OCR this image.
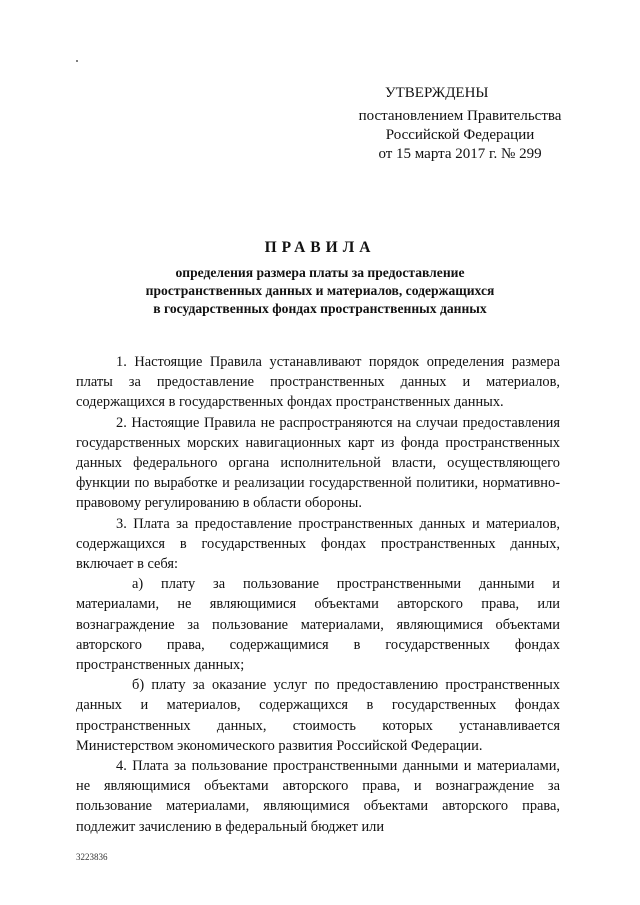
УТВЕРЖДЕНЫ
постановлением Правительства
Российской Федерации
от 15 марта 2017 г. № 299
ПРАВИЛА
определения размера платы за предоставление
пространственных данных и материалов, содержащихся
в государственных фондах пространственных данных
1. Настоящие Правила устанавливают порядок определения размера платы за предоставление пространственных данных и материалов, содержащихся в государственных фондах пространственных данных.
2. Настоящие Правила не распространяются на случаи предоставления государственных морских навигационных карт из фонда пространственных данных федерального органа исполнительной власти, осуществляющего функции по выработке и реализации государственной политики, нормативно-правовому регулированию в области обороны.
3. Плата за предоставление пространственных данных и материалов, содержащихся в государственных фондах пространственных данных, включает в себя:
а) плату за пользование пространственными данными и материалами, не являющимися объектами авторского права, или вознаграждение за пользование материалами, являющимися объектами авторского права, содержащимися в государственных фондах пространственных данных;
б) плату за оказание услуг по предоставлению пространственных данных и материалов, содержащихся в государственных фондах пространственных данных, стоимость которых устанавливается Министерством экономического развития Российской Федерации.
4. Плата за пользование пространственными данными и материалами, не являющимися объектами авторского права, и вознаграждение за пользование материалами, являющимися объектами авторского права, подлежит зачислению в федеральный бюджет или
3223836
